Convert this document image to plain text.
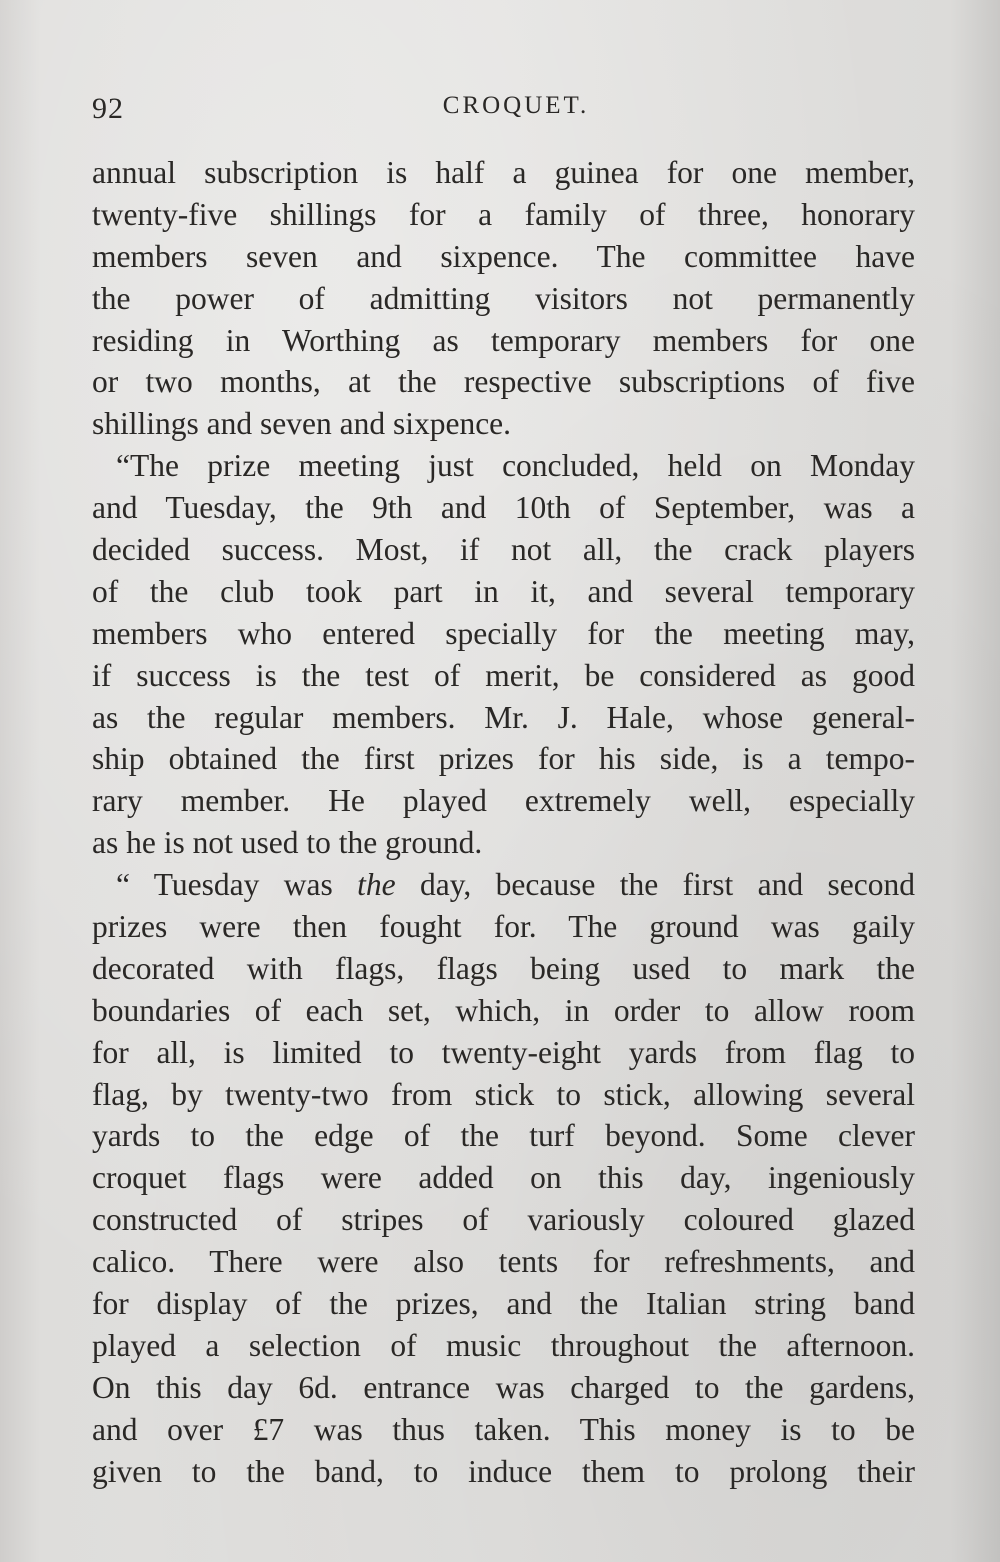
92	CROQUET.
annual subscription is half a guinea for one member,
twenty-five shillings for a family of three, honorary
members seven and sixpence. The committee have
the power of admitting visitors not permanently
residing in Worthing as temporary members for one
or two months, at the respective subscriptions of five
shillings and seven and sixpence.
“The prize meeting just concluded, held on Monday
and Tuesday, the 9th and 10th of September, was a
decided success. Most, if not all, the crack players
of the club took part in it, and several temporary
members who entered specially for the meeting may,
if success is the test of merit, be considered as good
as the regular members. Mr. J. Hale, whose general-
ship obtained the first prizes for his side, is a tempo-
rary member. He played extremely well, especially
as he is not used to the ground.
“ Tuesday was the day, because the first and second
prizes were then fought for. The ground was gaily
decorated with flags, flags being used to mark the
boundaries of each set, which, in order to allow room
for all, is limited to twenty-eight yards from flag to
flag, by twenty-two from stick to stick, allowing several
yards to the edge of the turf beyond. Some clever
croquet flags were added on this day, ingeniously
constructed of stripes of variously coloured glazed
calico. There were also tents for refreshments, and
for display of the prizes, and the Italian string band
played a selection of music throughout the afternoon.
On this day 6d. entrance was charged to the gardens,
and over £7 was thus taken. This money is to be
given to the band, to induce them to prolong their
